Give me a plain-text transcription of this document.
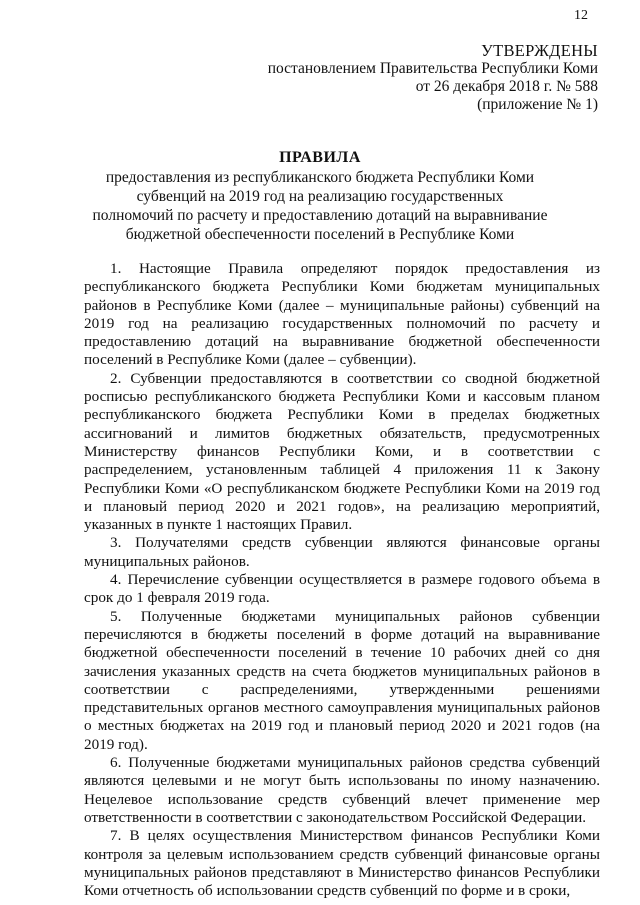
12
УТВЕРЖДЕНЫ
постановлением Правительства Республики Коми
от 26 декабря 2018 г. № 588
(приложение № 1)
ПРАВИЛА
предоставления из республиканского бюджета Республики Коми
субвенций на 2019 год на реализацию государственных
полномочий по расчету и предоставлению дотаций на выравнивание
бюджетной обеспеченности поселений в Республике Коми

1. Настоящие Правила определяют порядок предоставления из республиканского бюджета Республики Коми бюджетам муниципальных районов в Республике Коми (далее – муниципальные районы) субвенций на 2019 год на реализацию государственных полномочий по расчету и предоставлению дотаций на выравнивание бюджетной обеспеченности поселений в Республике Коми (далее – субвенции).

2. Субвенции предоставляются в соответствии со сводной бюджетной росписью республиканского бюджета Республики Коми и кассовым планом республиканского бюджета Республики Коми в пределах бюджетных ассигнований и лимитов бюджетных обязательств, предусмотренных Министерству финансов Республики Коми, и в соответствии с распределением, установленным таблицей 4 приложения 11 к Закону Республики Коми «О республиканском бюджете Республики Коми на 2019 год и плановый период 2020 и 2021 годов», на реализацию мероприятий, указанных в пункте 1 настоящих Правил.

3. Получателями средств субвенции являются финансовые органы муниципальных районов.

4. Перечисление субвенции осуществляется в размере годового объема в срок до 1 февраля 2019 года.

5. Полученные бюджетами муниципальных районов субвенции перечисляются в бюджеты поселений в форме дотаций на выравнивание бюджетной обеспеченности поселений в течение 10 рабочих дней со дня зачисления указанных средств на счета бюджетов муниципальных районов в соответствии с распределениями, утвержденными решениями представительных органов местного самоуправления муниципальных районов о местных бюджетах на 2019 год и плановый период 2020 и 2021 годов (на 2019 год).

6. Полученные бюджетами муниципальных районов средства субвенций являются целевыми и не могут быть использованы по иному назначению. Нецелевое использование средств субвенций влечет применение мер ответственности в соответствии с законодательством Российской Федерации.

7. В целях осуществления Министерством финансов Республики Коми контроля за целевым использованием средств субвенций финансовые органы муниципальных районов представляют в Министерство финансов Республики Коми отчетность об использовании средств субвенций по форме и в сроки,
